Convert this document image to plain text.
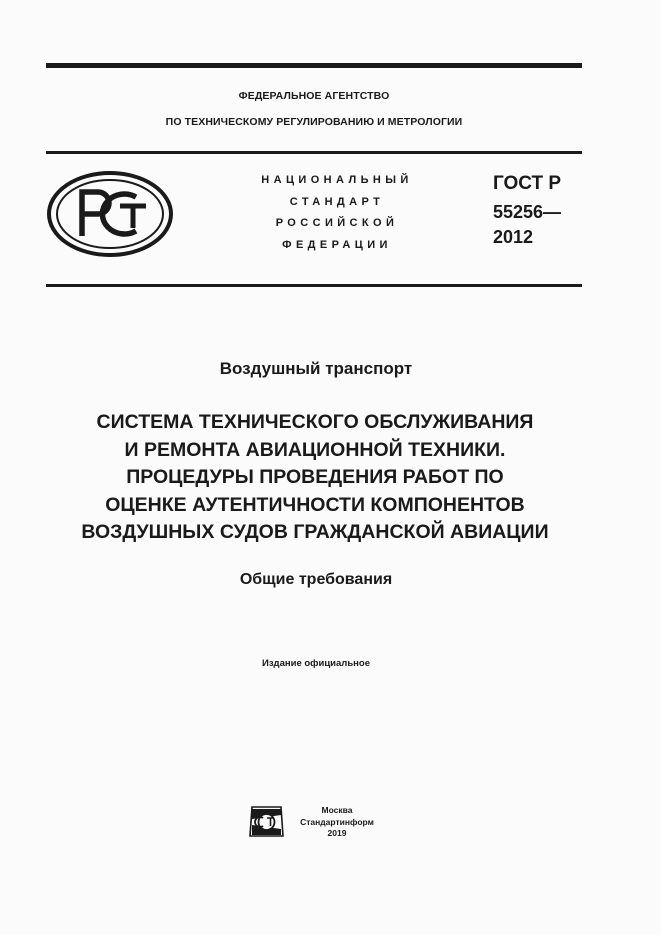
ФЕДЕРАЛЬНОЕ АГЕНТСТВО
ПО ТЕХНИЧЕСКОМУ РЕГУЛИРОВАНИЮ И МЕТРОЛОГИИ
НАЦИОНАЛЬНЫЙ
СТАНДАРТ
РОССИЙСКОЙ
ФЕДЕРАЦИИ
ГОСТ Р
55256—
2012
Воздушный транспорт
СИСТЕМА ТЕХНИЧЕСКОГО ОБСЛУЖИВАНИЯ
И РЕМОНТА АВИАЦИОННОЙ ТЕХНИКИ.
ПРОЦЕДУРЫ ПРОВЕДЕНИЯ РАБОТ ПО
ОЦЕНКЕ АУТЕНТИЧНОСТИ КОМПОНЕНТОВ
ВОЗДУШНЫХ СУДОВ ГРАЖДАНСКОЙ АВИАЦИИ
Общие требования
Издание официальное
Москва
Стандартинформ
2019
